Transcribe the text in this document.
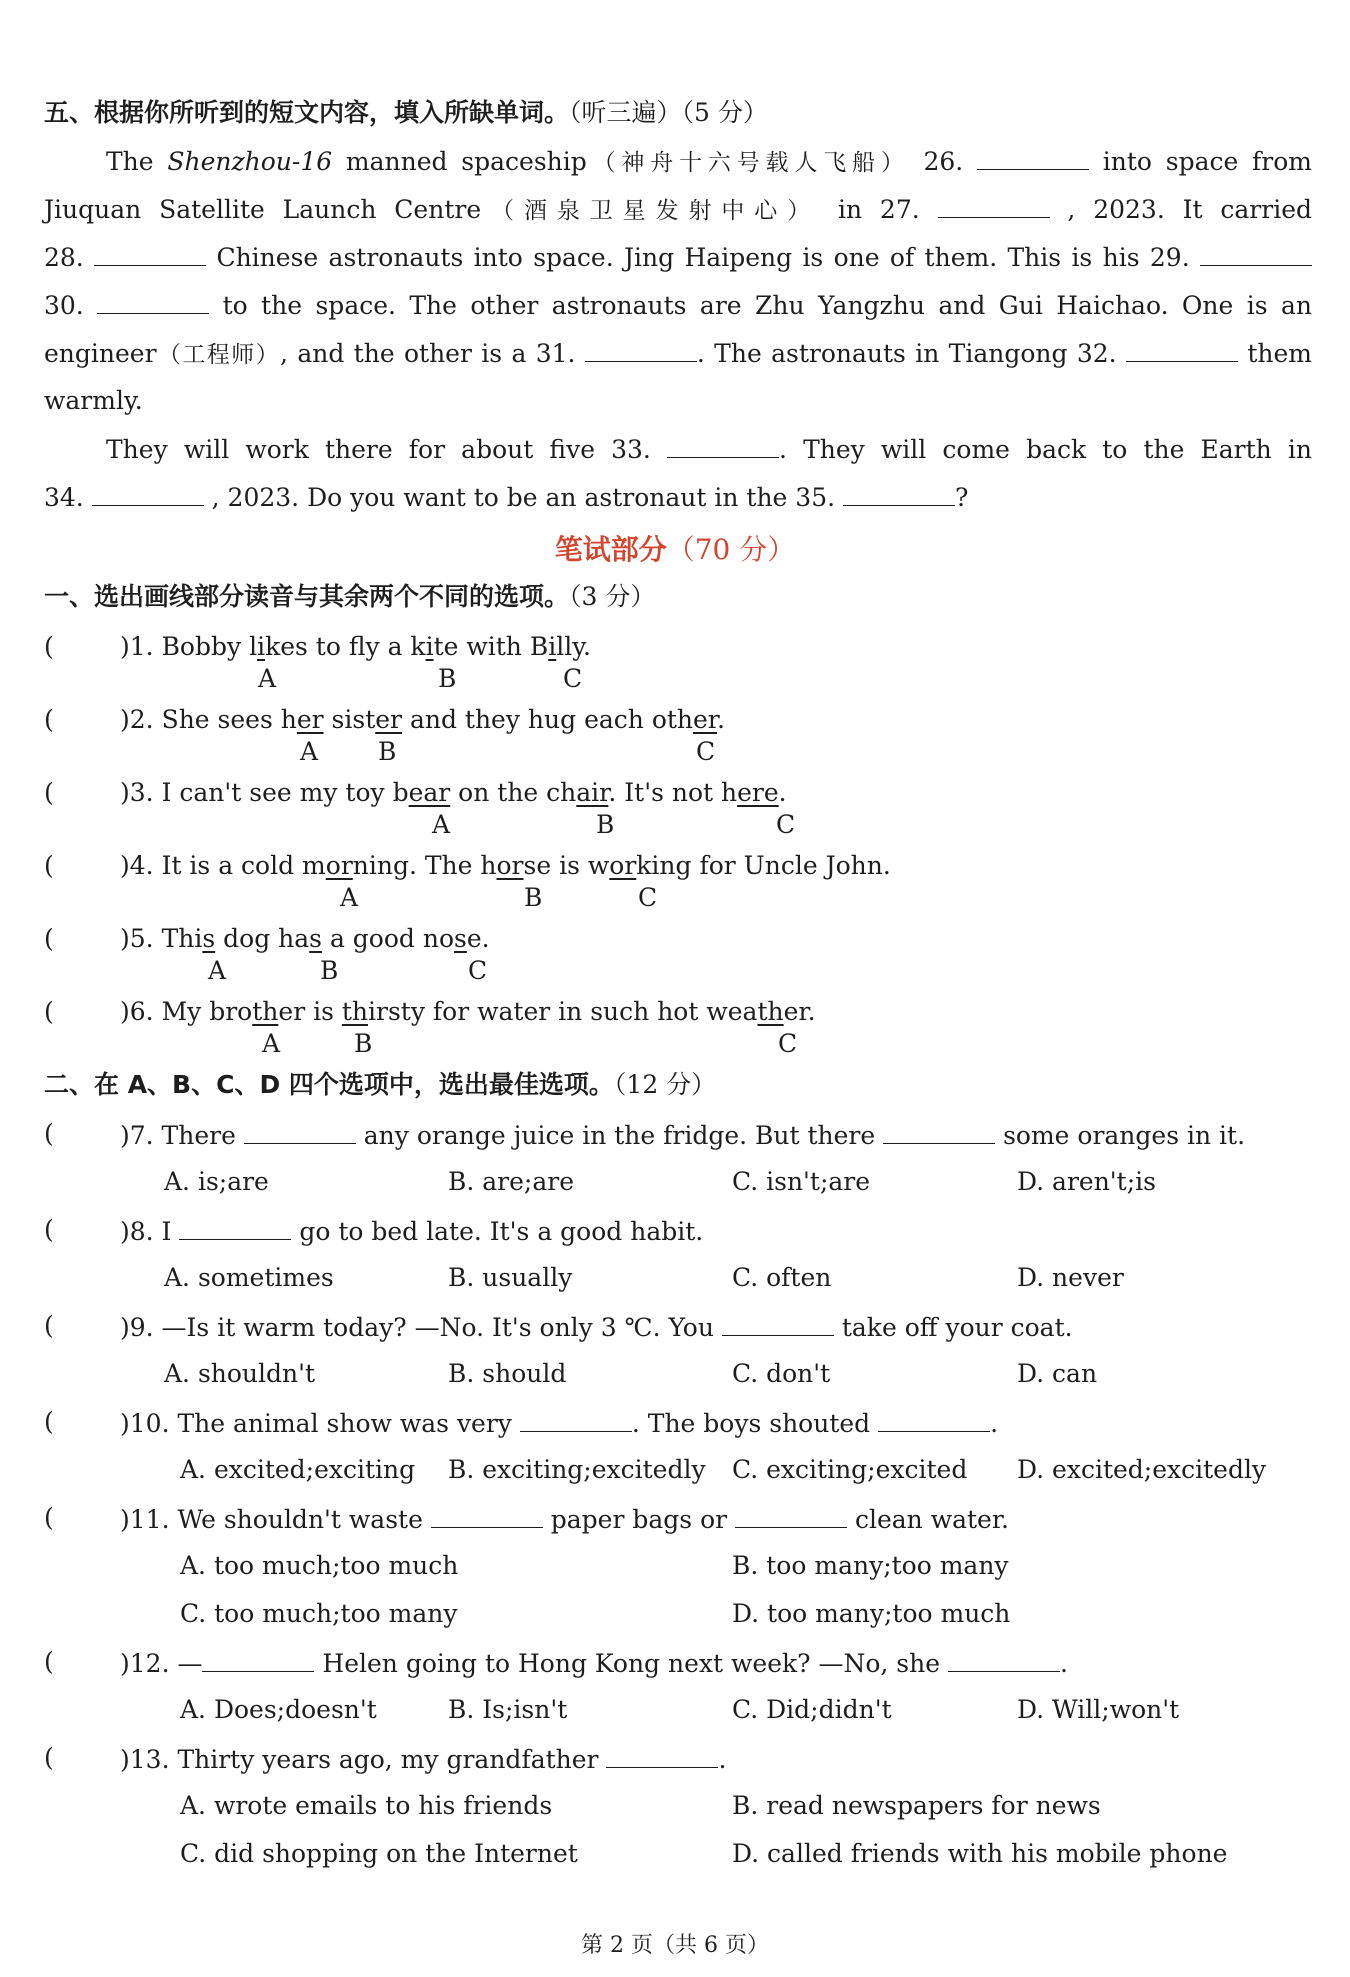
五、根据你所听到的短文内容，填入所缺单词。（听三遍）（5 分）
The Shenzhou-16 manned spaceship（神舟十六号载人飞船） 26.	into space from
Jiuquan Satellite Launch Centre（酒泉卫星发射中心） in 27.	, 2023. It carried
28.	Chinese astronauts into space. Jing Haipeng is one of them. This is his 29.
30.	to the space. The other astronauts are Zhu Yangzhu and Gui Haichao. One is an
engineer（工程师）, and the other is a 31.	. The astronauts in Tiangong 32.	them
warmly.
They will work there for about five 33.	. They will come back to the Earth in
34.	, 2023. Do you want to be an astronaut in the 35.	?
笔试部分（70 分）
一、选出画线部分读音与其余两个不同的选项。（3 分）
(	)1. Bobby likes to fly a kite with Billy.
A	B	C
(	)2. She sees her sister and they hug each other.
A B	C
(	)3. I can't see my toy bear on the chair. It's not here.
A	B	C
(	)4. It is a cold morning. The horse is working for Uncle John.
A	B	C
(	)5. This dog has a good nose.
A	B	C
(	)6. My brother is thirsty for water in such hot weather.
A	B	C
二、在 A、B、C、D 四个选项中，选出最佳选项。（12 分）
(	)7. There	any orange juice in the fridge. But there	some oranges in it.
A. is;are	B. are;are	C. isn't;are	D. aren't;is
(	)8. I	go to bed late. It's a good habit.
A. sometimes	B. usually	C. often	D. never
(	)9. —Is it warm today? —No. It's only 3 ℃. You	take off your coat.
A. shouldn't	B. should	C. don't	D. can
(	)10. The animal show was very	. The boys shouted	.
A. excited;exciting B. exciting;excitedly C. exciting;excited D. excited;excitedly
(	)11. We shouldn't waste	paper bags or	clean water.
A. too much;too much	B. too many;too many
C. too much;too many	D. too many;too much
(	)12. —	Helen going to Hong Kong next week? —No, she	.
A. Does;doesn't	B. Is;isn't	C. Did;didn't	D. Will;won't
(	)13. Thirty years ago, my grandfather	.
A. wrote emails to his friends	B. read newspapers for news
C. did shopping on the Internet	D. called friends with his mobile phone
第 2 页（共 6 页）
